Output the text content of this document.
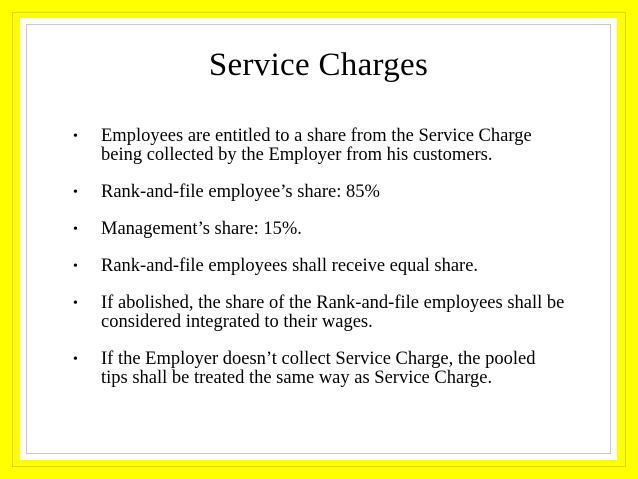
Service Charges
• Employees are entitled to a share from the Service Charge being collected by the Employer from his customers.
• Rank-and-file employee’s share: 85%
• Management’s share: 15%.
• Rank-and-file employees shall receive equal share.
• If abolished, the share of the Rank-and-file employees shall be considered integrated to their wages.
• If the Employer doesn’t collect Service Charge, the pooled tips shall be treated the same way as Service Charge.
